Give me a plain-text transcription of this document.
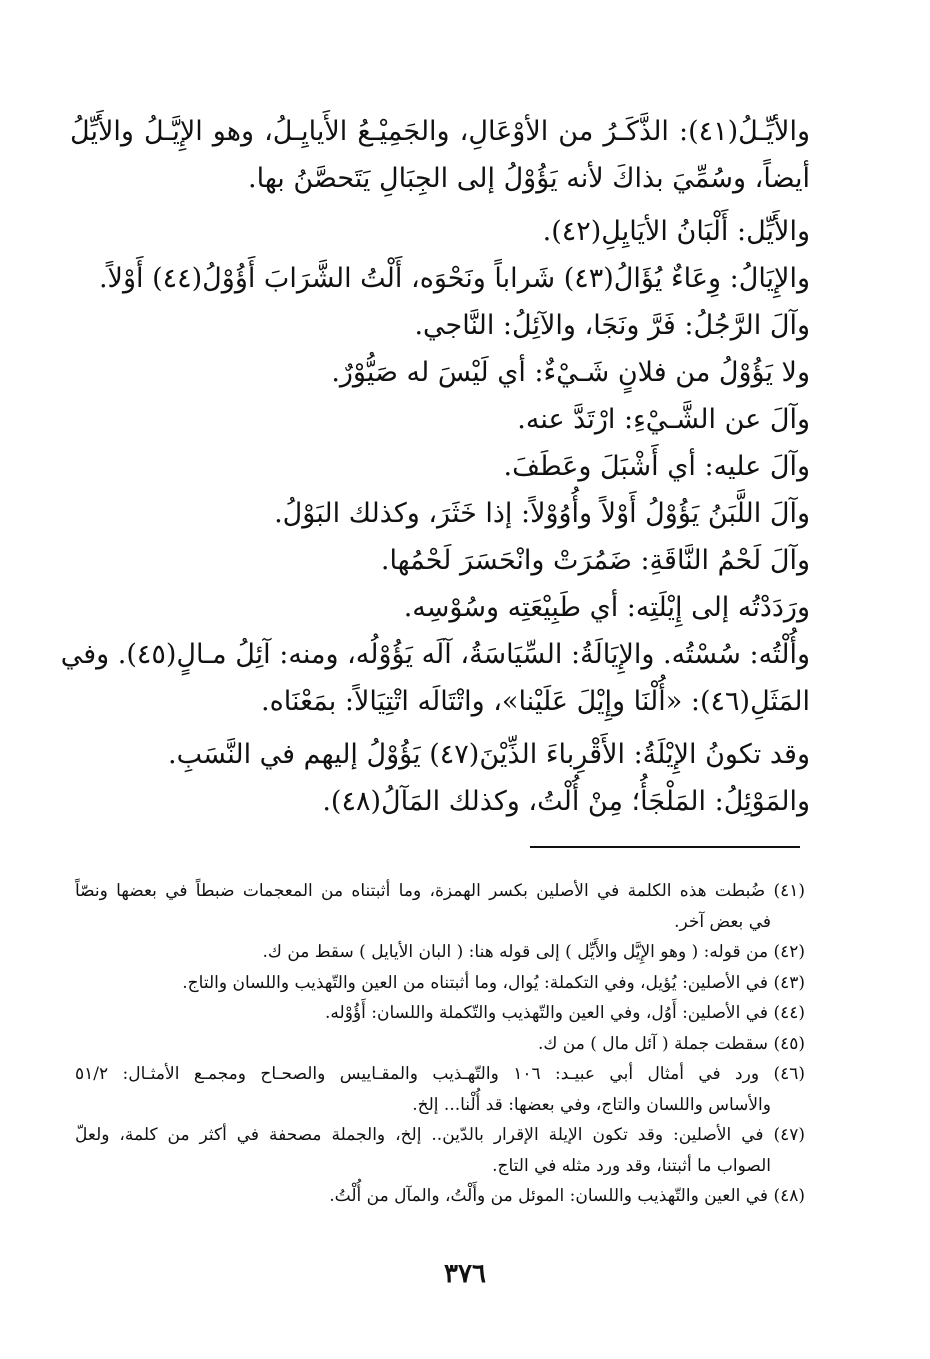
والأيِّـلُ(٤١): الذَّكَـرُ من الأوْعَالِ، والجَمِيْـعُ الأَيايِـلُ، وهو الإِيَّـلُ والأَيِّلُ

أيضاً، وسُمِّيَ بذاكَ لأنه يَؤُوْلُ إلى الجِبَالِ يَتَحصَّنُ بها.

والأَيِّل: أَلْبَانُ الأيَايِلِ(٤٢).

والإِيَالُ: وِعَاءٌ يُؤَالُ(٤٣) شَراباً ونَحْوَه، أَلْتُ الشَّرَابَ أَؤُوْلُ(٤٤) أَوْلاً.

وآلَ الرَّجُلُ: فَرَّ ونَجَا، والآئِلُ: النَّاجي.

ولا يَؤُوْلُ من فلانٍ شَـيْءٌ: أي لَيْسَ له صَيُّوْرٌ.

وآلَ عن الشَّـيْءِ: ارْتَدَّ عنه.

وآلَ عليه: أي أَشْبَلَ وعَطَفَ.

وآلَ اللَّبَنُ يَؤُوْلُ أَوْلاً وأُوُوْلاً: إذا خَثَرَ، وكذلك البَوْلُ.

وآلَ لَحْمُ النَّاقَةِ: ضَمُرَتْ وانْحَسَرَ لَحْمُها.

ورَدَدْتُه إلى إِيْلَتِه: أي طَبِيْعَتِه وسُوْسِه.

وأُلْتُه: سُسْتُه. والإِيَالَةُ: السِّيَاسَةُ، آلَه يَؤُوْلُه، ومنه: آئِلُ مـالٍ(٤٥). وفي

المَثَلِ(٤٦): «أُلْنَا وإِيْلَ عَلَيْنا»، واتْتَالَه اتْتِيَالاً: بمَعْنَاه.

وقد تكونُ الإِيْلَةُ: الأَقْرِباءَ الذِّيْنَ(٤٧) يَؤُوْلُ إليهم في النَّسَبِ.

والمَوْئِلُ: المَلْجَأُ؛ مِنْ أُلْتُ، وكذلك المَآلُ(٤٨).

(٤١) ضُبطت هذه الكلمة في الأصلين بكسر الهمزة، وما أثبتناه من المعجمات ضبطاً في بعضها ونصّاً

في بعض آخر.

(٤٢) من قوله: ( وهو الإِيَّل والأَيِّل ) إلى قوله هنا: ( البان الأيايل ) سقط من ك.

(٤٣) في الأصلين: يُؤيل، وفي التكملة: يُوال، وما أثبتناه من العين والتّهذيب واللسان والتاج.

(٤٤) في الأصلين: أَوُل، وفي العين والتّهذيب والتّكملة واللسان: أَؤُوْله.

(٤٥) سقطت جملة ( آئل مال ) من ك.

(٤٦) ورد في أمثال أبي عبيـد: ١٠٦ والتّهـذيب والمقـاييس والصحـاح ومجمـع الأمثـال: ٥١/٢

والأساس واللسان والتاج، وفي بعضها: قد أُلْنا... إلخ.

(٤٧) في الأصلين: وقد تكون الإيلة الإقرار بالدّين.. إلخ، والجملة مصحفة في أكثر من كلمة، ولعلّ

الصواب ما أثبتنا، وقد ورد مثله في التاج.

(٤٨) في العين والتّهذيب واللسان: الموئل من وأَلْتُ، والمآل من أُلْتُ.

٣٧٦
